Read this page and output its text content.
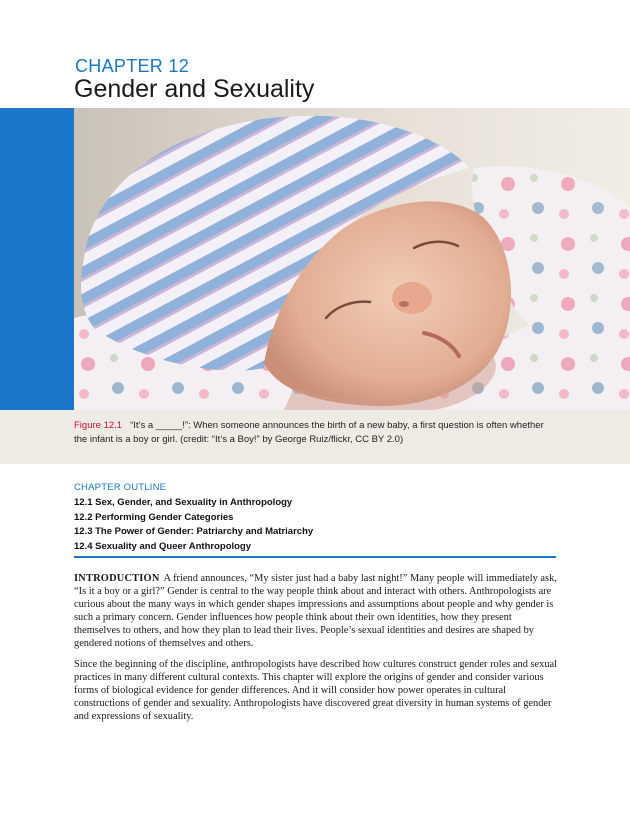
CHAPTER 12
Gender and Sexuality

Figure 12.1 “It’s a _____!”: When someone announces the birth of a new baby, a first question is often whether the infant is a boy or girl. (credit: “It’s a Boy!” by George Ruiz/flickr, CC BY 2.0)

CHAPTER OUTLINE
12.1 Sex, Gender, and Sexuality in Anthropology
12.2 Performing Gender Categories
12.3 The Power of Gender: Patriarchy and Matriarchy
12.4 Sexuality and Queer Anthropology

INTRODUCTION A friend announces, “My sister just had a baby last night!” Many people will immediately ask, “Is it a boy or a girl?” Gender is central to the way people think about and interact with others. Anthropologists are curious about the many ways in which gender shapes impressions and assumptions about people and why gender is such a primary concern. Gender influences how people think about their own identities, how they present themselves to others, and how they plan to lead their lives. People’s sexual identities and desires are shaped by gendered notions of themselves and others.

Since the beginning of the discipline, anthropologists have described how cultures construct gender roles and sexual practices in many different cultural contexts. This chapter will explore the origins of gender and consider various forms of biological evidence for gender differences. And it will consider how power operates in cultural constructions of gender and sexuality. Anthropologists have discovered great diversity in human systems of gender and expressions of sexuality.
